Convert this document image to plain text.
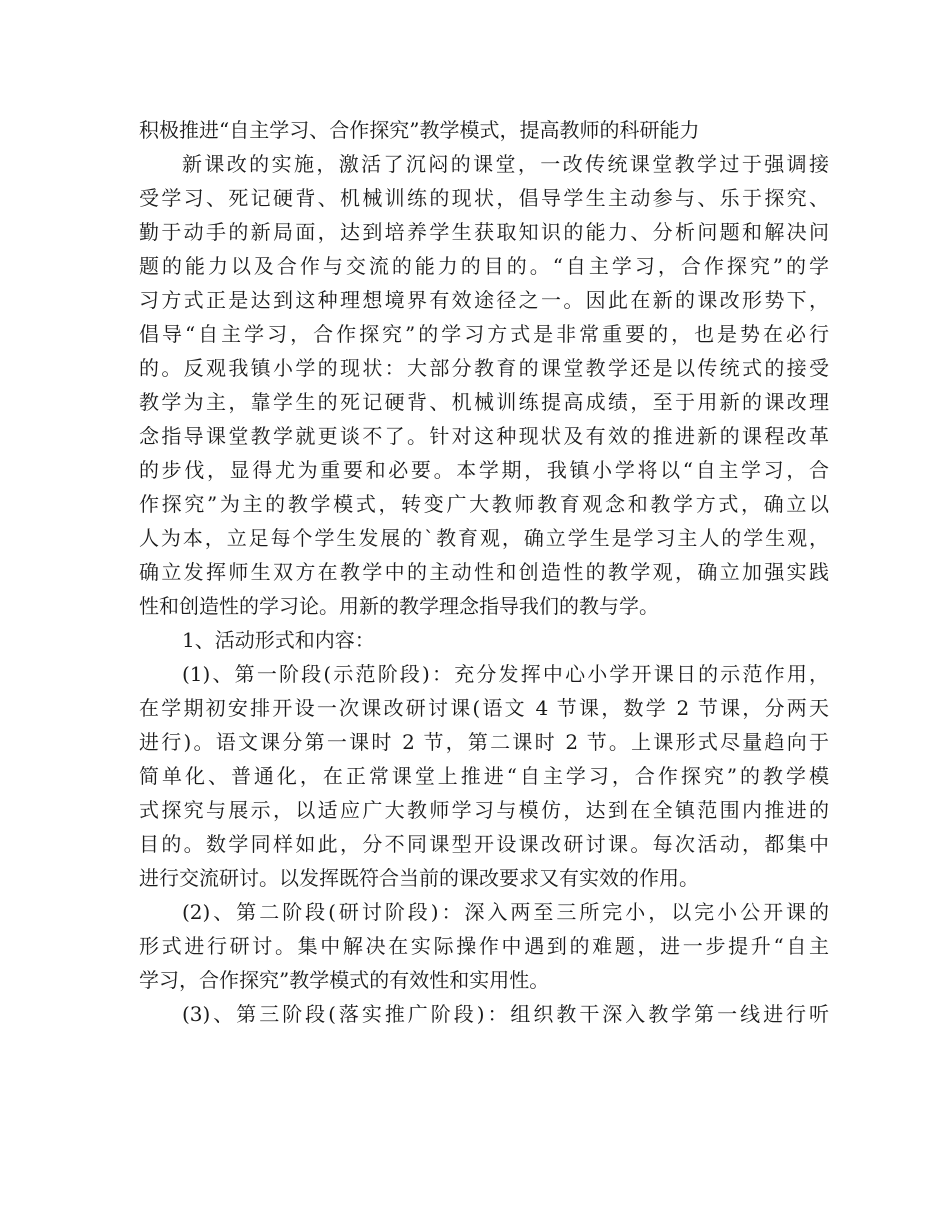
积极推进“自主学习、合作探究”教学模式，提高教师的科研能力
新课改的实施，激活了沉闷的课堂，一改传统课堂教学过于强调接
受学习、死记硬背、机械训练的现状，倡导学生主动参与、乐于探究、
勤于动手的新局面，达到培养学生获取知识的能力、分析问题和解决问
题的能力以及合作与交流的能力的目的。“自主学习，合作探究”的学
习方式正是达到这种理想境界有效途径之一。因此在新的课改形势下，
倡导“自主学习，合作探究”的学习方式是非常重要的，也是势在必行
的。反观我镇小学的现状：大部分教育的课堂教学还是以传统式的接受
教学为主，靠学生的死记硬背、机械训练提高成绩，至于用新的课改理
念指导课堂教学就更谈不了。针对这种现状及有效的推进新的课程改革
的步伐，显得尤为重要和必要。本学期，我镇小学将以“自主学习，合
作探究”为主的教学模式，转变广大教师教育观念和教学方式，确立以
人为本，立足每个学生发展的`教育观，确立学生是学习主人的学生观，
确立发挥师生双方在教学中的主动性和创造性的教学观，确立加强实践
性和创造性的学习论。用新的教学理念指导我们的教与学。
1、活动形式和内容：
(1)、第一阶段(示范阶段)：充分发挥中心小学开课日的示范作用，
在学期初安排开设一次课改研讨课(语文 4 节课，数学 2 节课，分两天
进行)。语文课分第一课时 2 节，第二课时 2 节。上课形式尽量趋向于
简单化、普通化，在正常课堂上推进“自主学习，合作探究”的教学模
式探究与展示，以适应广大教师学习与模仿，达到在全镇范围内推进的
目的。数学同样如此，分不同课型开设课改研讨课。每次活动，都集中
进行交流研讨。以发挥既符合当前的课改要求又有实效的作用。
(2)、第二阶段(研讨阶段)：深入两至三所完小，以完小公开课的
形式进行研讨。集中解决在实际操作中遇到的难题，进一步提升“自主
学习，合作探究”教学模式的有效性和实用性。
(3)、第三阶段(落实推广阶段)：组织教干深入教学第一线进行听
